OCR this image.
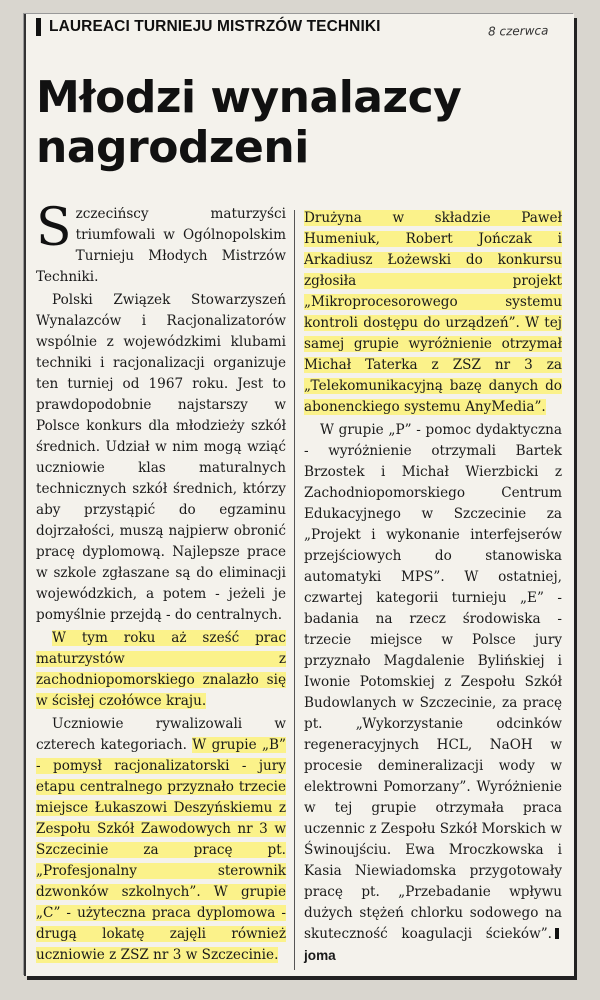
LAUREACI TURNIEJU MISTRZÓW TECHNIKI	8 czerwca
Młodzi wynalazcy nagrodzeni

Szczecińscy maturzyści triumfowali w Ogólnopolskim Turnieju Młodych Mistrzów Techniki.

Polski Związek Stowarzyszeń Wynalazców i Racjonalizatorów wspólnie z wojewódzkimi klubami techniki i racjonalizacji organizuje ten turniej od 1967 roku. Jest to prawdopodobnie najstarszy w Polsce konkurs dla młodzieży szkół średnich. Udział w nim mogą wziąć uczniowie klas maturalnych technicznych szkół średnich, którzy aby przystąpić do egzaminu dojrzałości, muszą najpierw obronić pracę dyplomową. Najlepsze prace w szkole zgłaszane są do eliminacji wojewódzkich, a potem - jeżeli je pomyślnie przejdą - do centralnych.

W tym roku aż sześć prac maturzystów z zachodniopomorskiego znalazło się w ścisłej czołówce kraju.

Uczniowie rywalizowali w czterech kategoriach. W grupie „B” - pomysł racjonalizatorski - jury etapu centralnego przyznało trzecie miejsce Łukaszowi Deszyńskiemu z Zespołu Szkół Zawodowych nr 3 w Szczecinie za pracę pt. „Profesjonalny sterownik dzwonków szkolnych”. W grupie „C” - użyteczna praca dyplomowa - drugą lokatę zajęli również uczniowie z ZSZ nr 3 w Szczecinie.

Drużyna w składzie Paweł Humeniuk, Robert Jończak i Arkadiusz Łożewski do konkursu zgłosiła projekt „Mikroprocesorowego systemu kontroli dostępu do urządzeń”. W tej samej grupie wyróżnienie otrzymał Michał Taterka z ZSZ nr 3 za „Telekomunikacyjną bazę danych do abonenckiego systemu AnyMedia”.

W grupie „P” - pomoc dydaktyczna - wyróżnienie otrzymali Bartek Brzostek i Michał Wierzbicki z Zachodniopomorskiego Centrum Edukacyjnego w Szczecinie za „Projekt i wykonanie interfejserów przejściowych do stanowiska automatyki MPS”. W ostatniej, czwartej kategorii turnieju „E” - badania na rzecz środowiska - trzecie miejsce w Polsce jury przyznało Magdalenie Bylińskiej i Iwonie Potomskiej z Zespołu Szkół Budowlanych w Szczecinie, za pracę pt. „Wykorzystanie odcinków regeneracyjnych HCL, NaOH w procesie demineralizacji wody w elektrowni Pomorzany”. Wyróżnienie w tej grupie otrzymała praca uczennic z Zespołu Szkół Morskich w Świnoujściu. Ewa Mroczkowska i Kasia Niewiadomska przygotowały pracę pt. „Przebadanie wpływu dużych stężeń chlorku sodowego na skuteczność koagulacji ścieków”.joma
